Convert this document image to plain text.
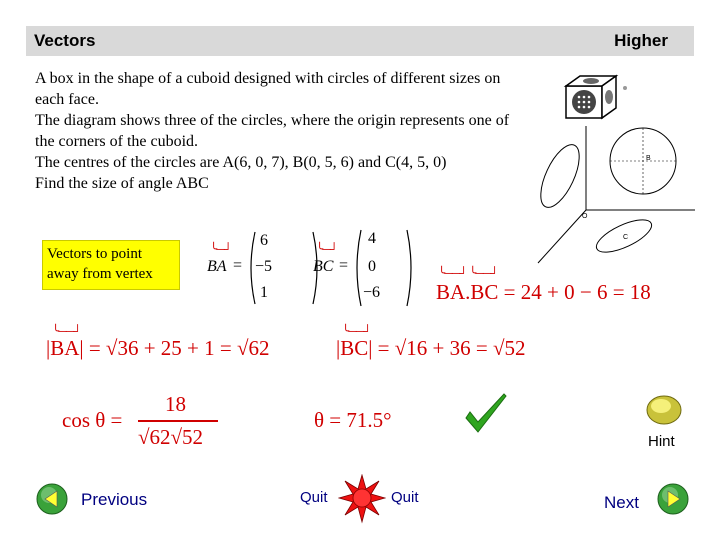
Vectors	Higher

A box in the shape of a cuboid designed with circles of different sizes on each face.

The diagram shows three of the circles, where the origin represents one of the corners of the cuboid.

The centres of the circles are A(6, 0, 7), B(0, 5, 6) and C(4, 5, 0)

Find the size of angle ABC

B
C
O
Vectors to point away from vertex
╰─┘
BA =
6
−5
1
╰─┘
BC =
4
0
−6
╰──┘ ╰──┘
BA.BC = 24 + 0 − 6 = 18
╰──┘
|BA| = √36 + 25 + 1 = √62
╰──┘
|BC| = √16 + 36 = √52
cos θ =
18
√62√52
θ = 71.5°
Hint
Previous	Quit	Quit	Next
